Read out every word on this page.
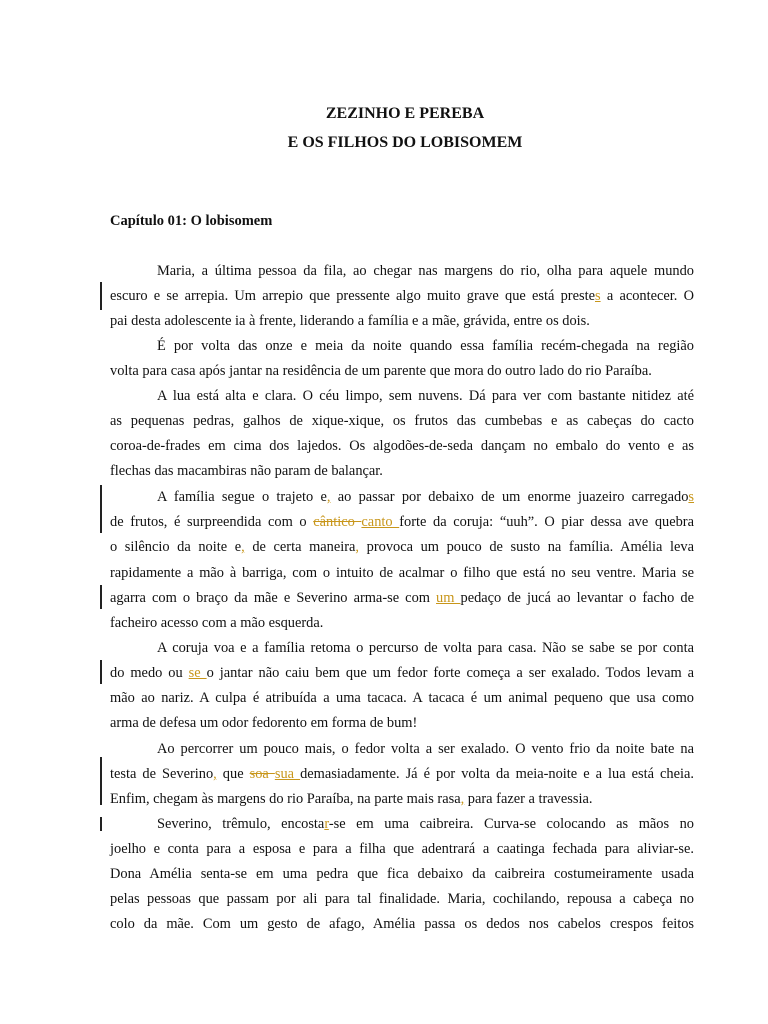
ZEZINHO E PEREBA
E OS FILHOS DO LOBISOMEM
Capítulo 01: O lobisomem
Maria, a última pessoa da fila, ao chegar nas margens do rio, olha para aquele mundo
escuro e se arrepia. Um arrepio que pressente algo muito grave que está prestes a acontecer. O
pai desta adolescente ia à frente, liderando a família e a mãe, grávida, entre os dois.
É por volta das onze e meia da noite quando essa família recém-chegada na região
volta para casa após jantar na residência de um parente que mora do outro lado do rio Paraíba.
A lua está alta e clara. O céu limpo, sem nuvens. Dá para ver com bastante nitidez até
as pequenas pedras, galhos de xique-xique, os frutos das cumbebas e as cabeças do cacto
coroa-de-frades em cima dos lajedos. Os algodões-de-seda dançam no embalo do vento e as
flechas das macambiras não param de balançar.
A família segue o trajeto e, ao passar por debaixo de um enorme juazeiro carregados
de frutos, é surpreendida com o cântico canto forte da coruja: “uuh”. O piar dessa ave quebra
o silêncio da noite e, de certa maneira, provoca um pouco de susto na família. Amélia leva
rapidamente a mão à barriga, com o intuito de acalmar o filho que está no seu ventre. Maria se
agarra com o braço da mãe e Severino arma-se com um pedaço de jucá ao levantar o facho de
facheiro acesso com a mão esquerda.
A coruja voa e a família retoma o percurso de volta para casa. Não se sabe se por conta
do medo ou se o jantar não caiu bem que um fedor forte começa a ser exalado. Todos levam a
mão ao nariz. A culpa é atribuída a uma tacaca. A tacaca é um animal pequeno que usa como
arma de defesa um odor fedorento em forma de bum!
Ao percorrer um pouco mais, o fedor volta a ser exalado. O vento frio da noite bate na
testa de Severino, que soa sua demasiadamente. Já é por volta da meia-noite e a lua está cheia.
Enfim, chegam às margens do rio Paraíba, na parte mais rasa, para fazer a travessia.
Severino, trêmulo, encostar-se em uma caibreira. Curva-se colocando as mãos no
joelho e conta para a esposa e para a filha que adentrará a caatinga fechada para aliviar-se.
Dona Amélia senta-se em uma pedra que fica debaixo da caibreira costumeiramente usada
pelas pessoas que passam por ali para tal finalidade. Maria, cochilando, repousa a cabeça no
colo da mãe. Com um gesto de afago, Amélia passa os dedos nos cabelos crespos feitos
